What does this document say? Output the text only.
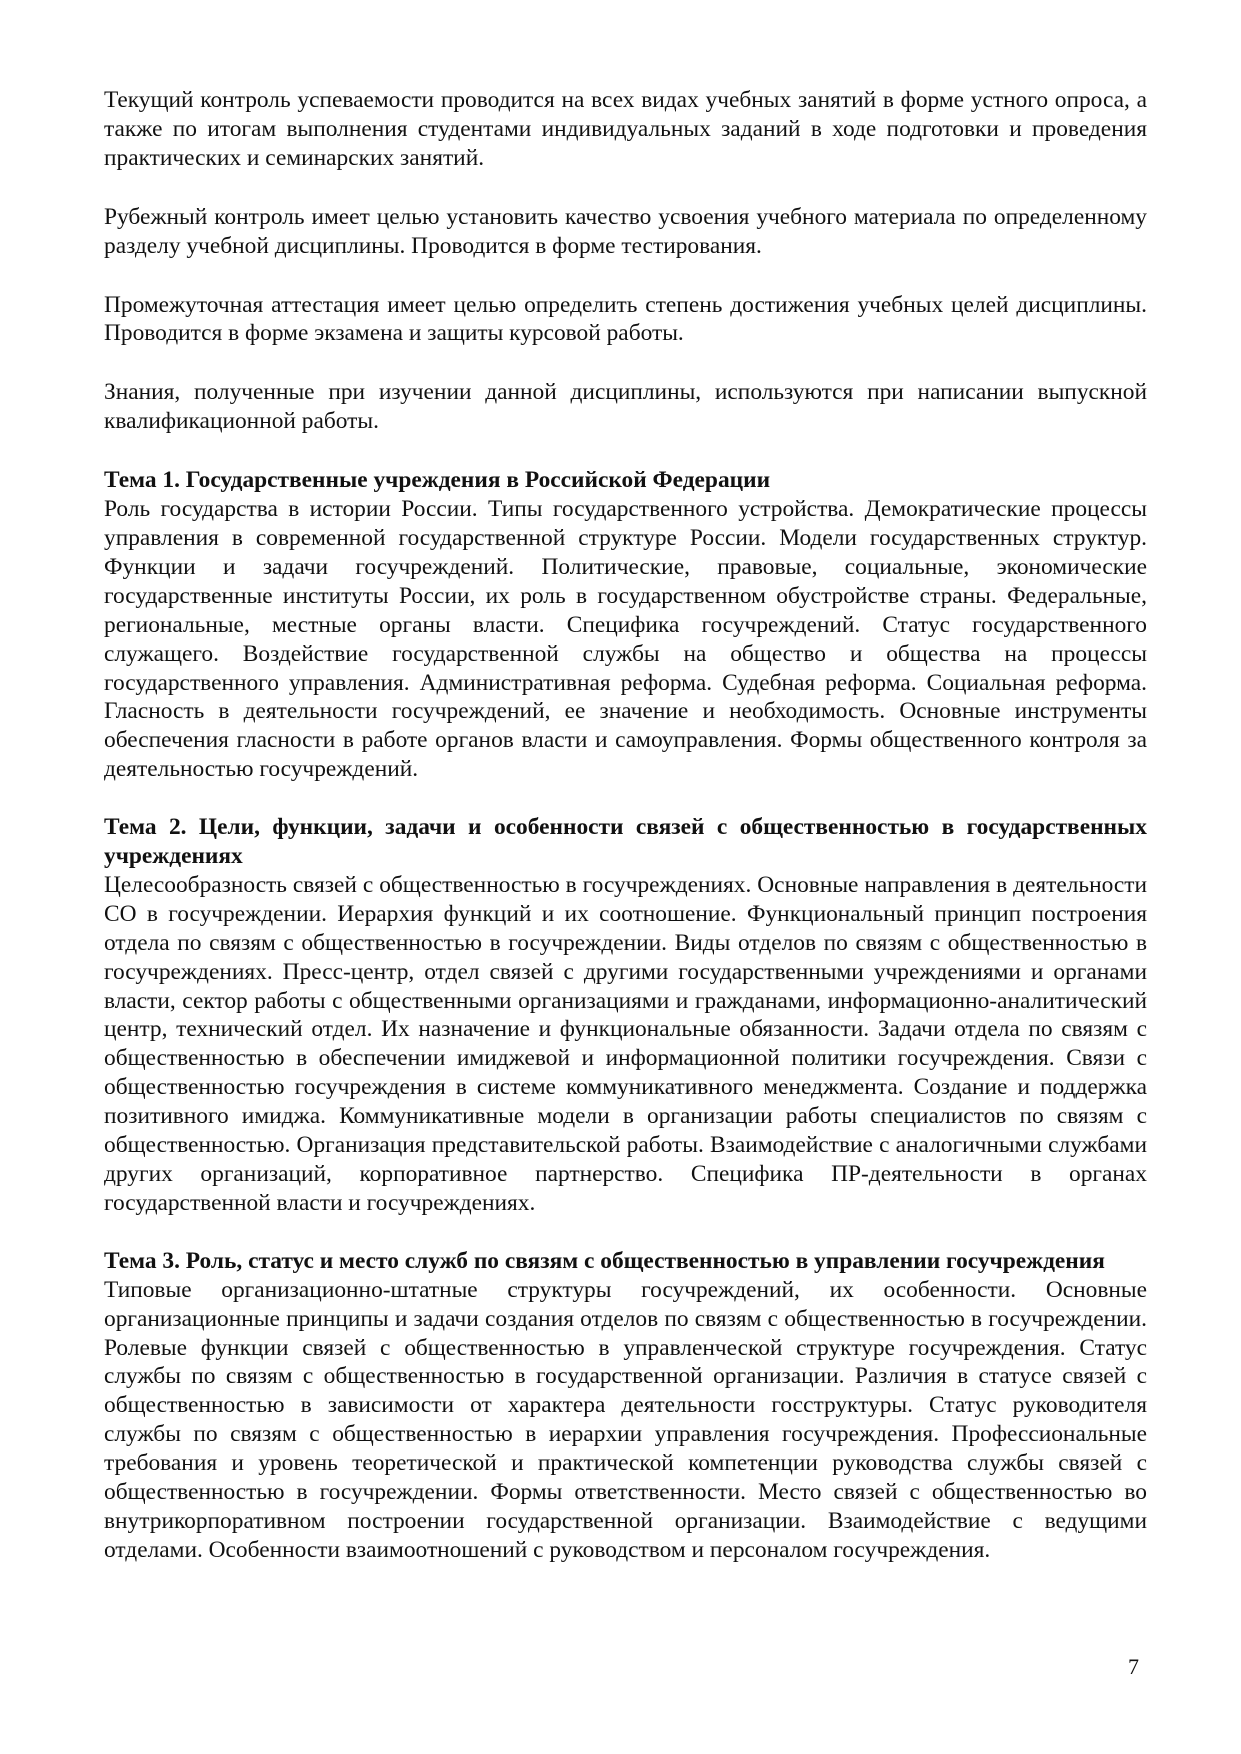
Текущий контроль успеваемости проводится на всех видах учебных занятий в форме устного опроса, а также по итогам выполнения студентами индивидуальных заданий в ходе подготовки и проведения практических и семинарских занятий.

Рубежный контроль имеет целью установить качество усвоения учебного материала по определенному разделу учебной дисциплины. Проводится в форме тестирования.

Промежуточная аттестация имеет целью определить степень достижения учебных целей дисциплины. Проводится в форме экзамена и защиты курсовой работы.

Знания, полученные при изучении данной дисциплины, используются при написании выпускной квалификационной работы.

Тема 1. Государственные учреждения в Российской Федерации

Роль государства в истории России. Типы государственного устройства. Демократические процессы управления в современной государственной структуре России. Модели государственных структур. Функции и задачи госучреждений. Политические, правовые, социальные, экономические государственные институты России, их роль в государственном обустройстве страны. Федеральные, региональные, местные органы власти. Специфика госучреждений. Статус государственного служащего. Воздействие государственной службы на общество и общества на процессы государственного управления. Административная реформа. Судебная реформа. Социальная реформа. Гласность в деятельности госучреждений, ее значение и необходимость. Основные инструменты обеспечения гласности в работе органов власти и самоуправления. Формы общественного контроля за деятельностью госучреждений.

Тема 2. Цели, функции, задачи и особенности связей с общественностью в государственных учреждениях

Целесообразность связей с общественностью в госучреждениях. Основные направления в деятельности СО в госучреждении. Иерархия функций и их соотношение. Функциональный принцип построения отдела по связям с общественностью в госучреждении. Виды отделов по связям с общественностью в госучреждениях. Пресс-центр, отдел связей с другими государственными учреждениями и органами власти, сектор работы с общественными организациями и гражданами, информационно-аналитический центр, технический отдел. Их назначение и функциональные обязанности. Задачи отдела по связям с общественностью в обеспечении имиджевой и информационной политики госучреждения. Связи с общественностью госучреждения в системе коммуникативного менеджмента. Создание и поддержка позитивного имиджа. Коммуникативные модели в организации работы специалистов по связям с общественностью. Организация представительской работы. Взаимодействие с аналогичными службами других организаций, корпоративное партнерство. Специфика ПР-деятельности в органах государственной власти и госучреждениях.

Тема 3. Роль, статус и место служб по связям с общественностью в управлении госучреждения

Типовые организационно-штатные структуры госучреждений, их особенности. Основные организационные принципы и задачи создания отделов по связям с общественностью в госучреждении. Ролевые функции связей с общественностью в управленческой структуре госучреждения. Статус службы по связям с общественностью в государственной организации. Различия в статусе связей с общественностью в зависимости от характера деятельности госструктуры. Статус руководителя службы по связям с общественностью в иерархии управления госучреждения. Профессиональные требования и уровень теоретической и практической компетенции руководства службы связей с общественностью в госучреждении. Формы ответственности. Место связей с общественностью во внутрикорпоративном построении государственной организации. Взаимодействие с ведущими отделами. Особенности взаимоотношений с руководством и персоналом госучреждения.

7
